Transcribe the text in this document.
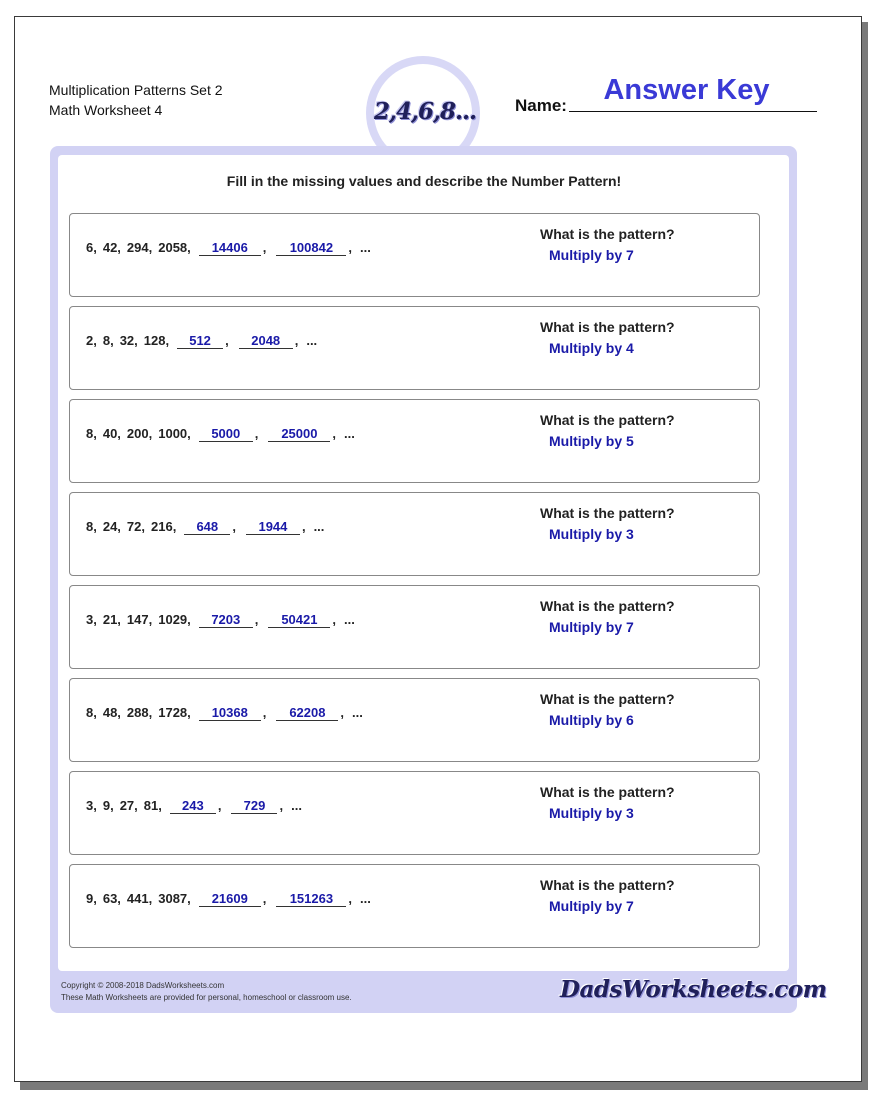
Multiplication Patterns Set 2
Math Worksheet 4	2,4,6,8...
Answer Key
Name:
Fill in the missing values and describe the Number Pattern!
6, 42, 294, 2058, 14406 , 100842 , ...
What is the pattern?
Multiply by 7
2, 8, 32, 128, 512 , 2048 , ...
What is the pattern?
Multiply by 4
8, 40, 200, 1000, 5000 , 25000 , ...
What is the pattern?
Multiply by 5
8, 24, 72, 216, 648 , 1944 , ...
What is the pattern?
Multiply by 3
3, 21, 147, 1029, 7203 , 50421 , ...
What is the pattern?
Multiply by 7
8, 48, 288, 1728, 10368 , 62208 , ...
What is the pattern?
Multiply by 6
3, 9, 27, 81, 243 , 729 , ...
What is the pattern?
Multiply by 3
9, 63, 441, 3087, 21609 , 151263 , ...
What is the pattern?
Multiply by 7
Copyright © 2008-2018 DadsWorksheets.com
These Math Worksheets are provided for personal, homeschool or classroom use.	DadsWorksheets.com
